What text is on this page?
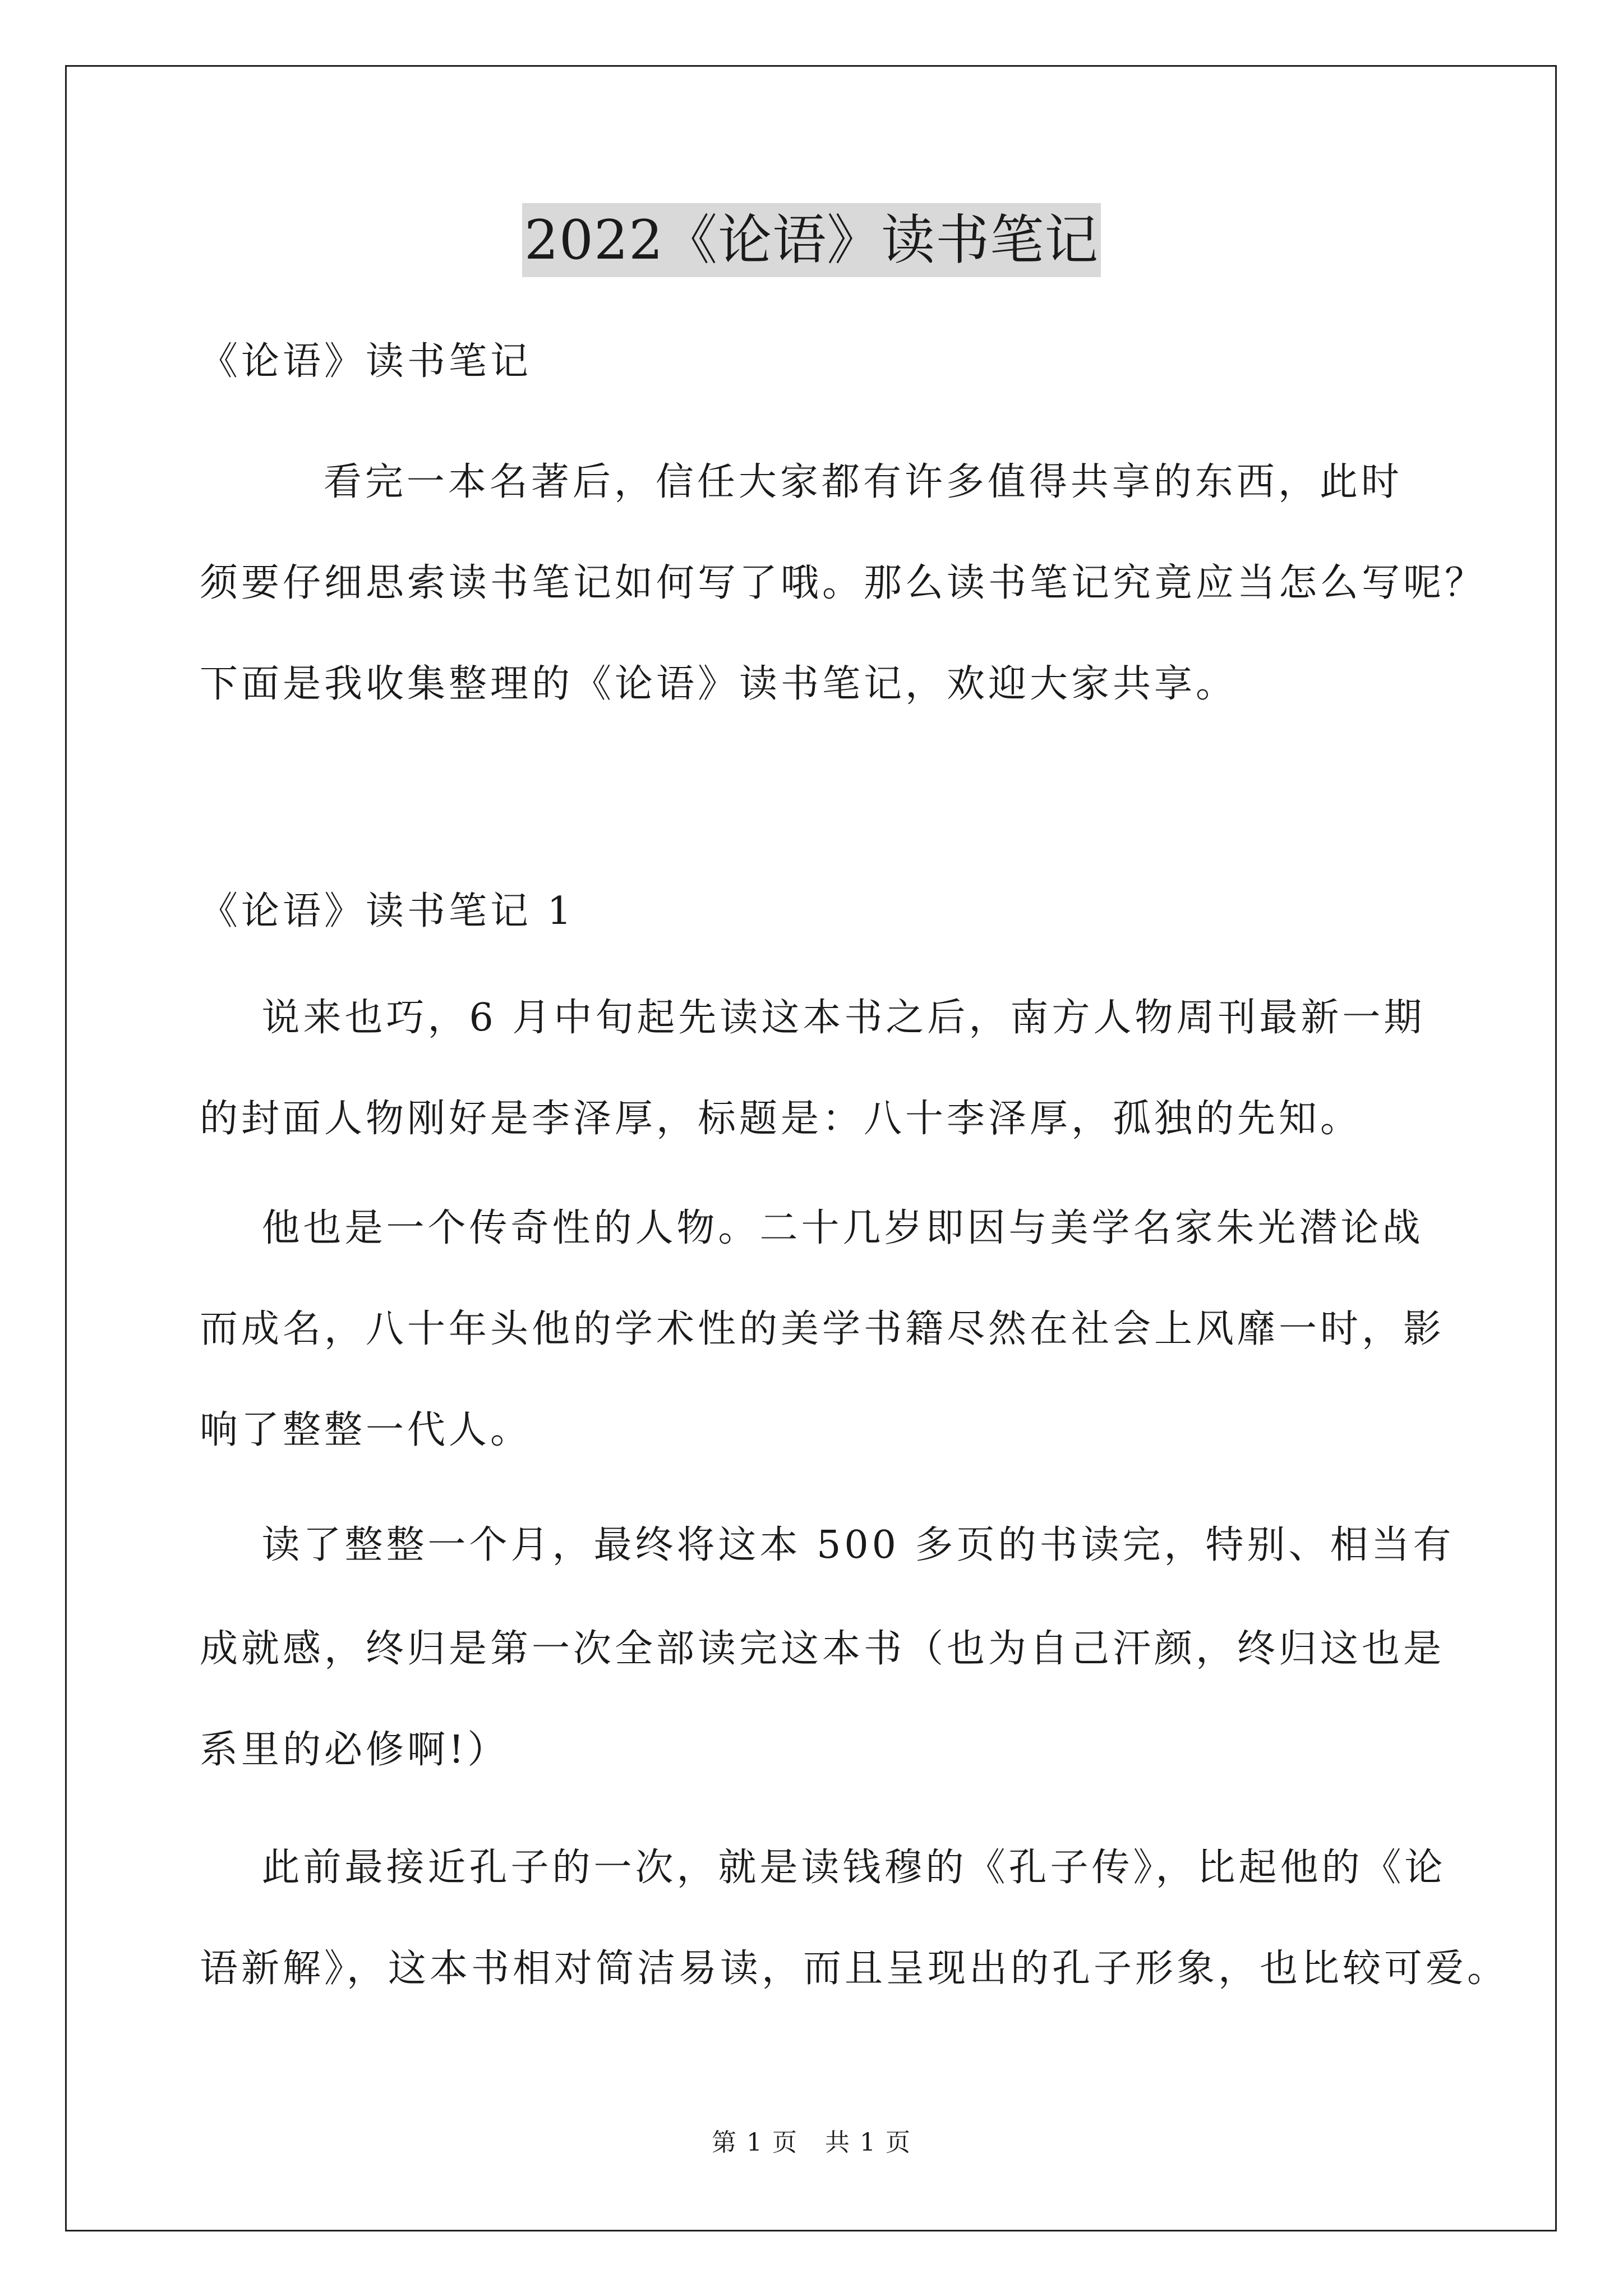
2022《论语》读书笔记
《论语》读书笔记
看完一本名著后，信任大家都有许多值得共享的东西，此时
须要仔细思索读书笔记如何写了哦。那么读书笔记究竟应当怎么写呢？
下面是我收集整理的《论语》读书笔记，欢迎大家共享。
《论语》读书笔记 1
说来也巧，6 月中旬起先读这本书之后，南方人物周刊最新一期
的封面人物刚好是李泽厚，标题是：八十李泽厚，孤独的先知。
他也是一个传奇性的人物。二十几岁即因与美学名家朱光潜论战
而成名，八十年头他的学术性的美学书籍尽然在社会上风靡一时，影
响了整整一代人。
读了整整一个月，最终将这本 500 多页的书读完，特别、相当有
成就感，终归是第一次全部读完这本书（也为自己汗颜，终归这也是
系里的必修啊!）
此前最接近孔子的一次，就是读钱穆的《孔子传》，比起他的《论
语新解》，这本书相对简洁易读，而且呈现出的孔子形象，也比较可爱。
第 1 页   共 1 页
